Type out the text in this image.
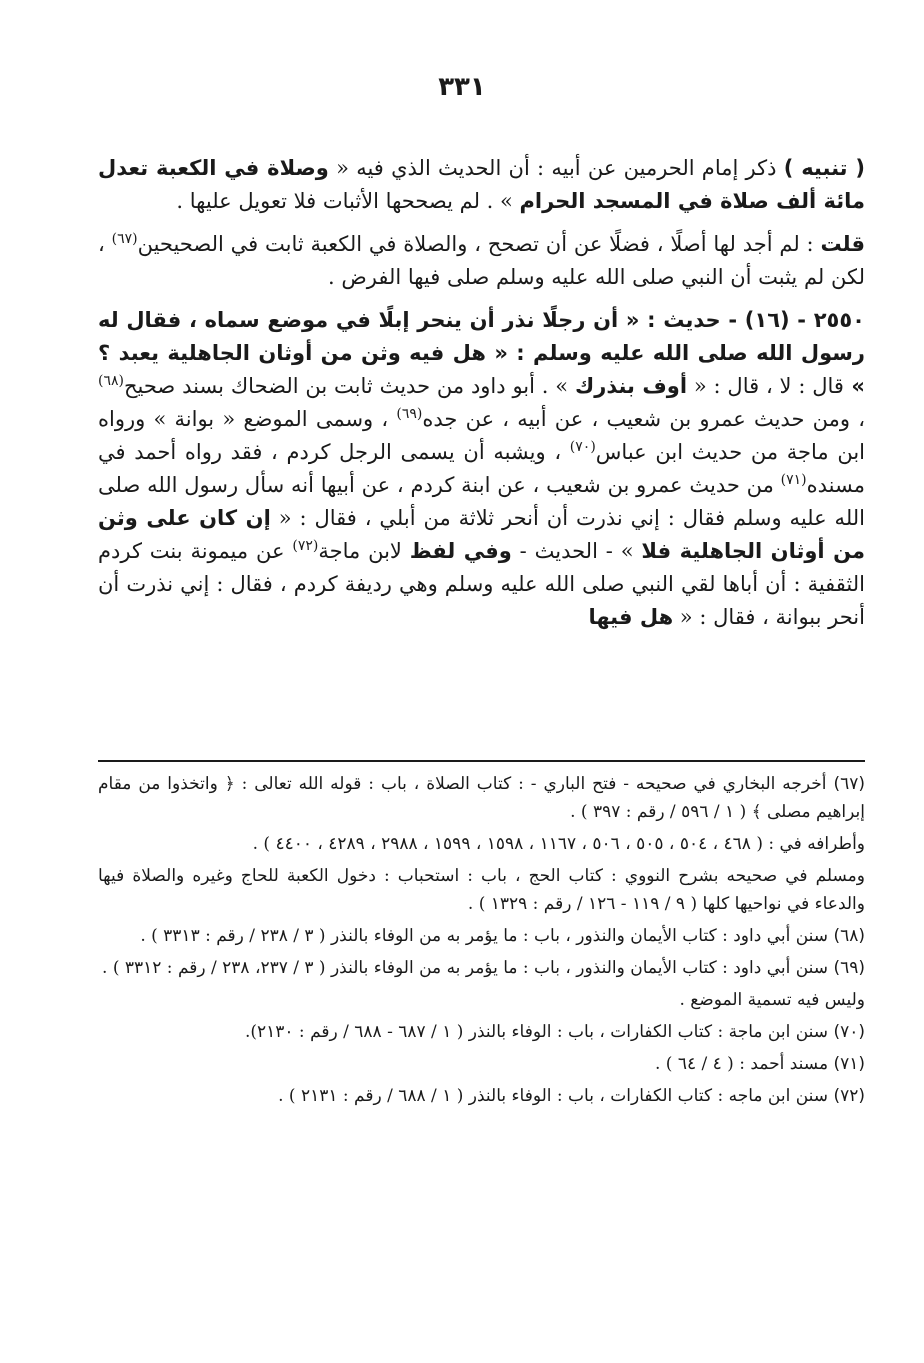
٣٣١

( تنبيه ) ذكر إمام الحرمين عن أبيه : أن الحديث الذي فيه « وصلاة في الكعبة تعدل مائة ألف صلاة في المسجد الحرام » . لم يصححها الأثبات فلا تعويل عليها .

قلت : لم أجد لها أصلًا ، فضلًا عن أن تصحح ، والصلاة في الكعبة ثابت في الصحيحين$^{(٦٧)}$ ، لكن لم يثبت أن النبي صلى الله عليه وسلم صلى فيها الفرض .

٢٥٥٠ - (١٦) - حديث : « أن رجلًا نذر أن ينحر إبلًا في موضع سماه ، فقال له رسول الله صلى الله عليه وسلم : « هل فيه وثن من أوثان الجاهلية يعبد ؟ » قال : لا ، قال : « أوف بنذرك » . أبو داود من حديث ثابت بن الضحاك بسند صحيح$^{(٦٨)}$ ، ومن حديث عمرو بن شعيب ، عن أبيه ، عن جده$^{(٦٩)}$ ، وسمى الموضع « بوانة » ورواه ابن ماجة من حديث ابن عباس$^{(٧٠)}$ ، ويشبه أن يسمى الرجل كردم ، فقد رواه أحمد في مسنده$^{(٧١)}$ من حديث عمرو بن شعيب ، عن ابنة كردم ، عن أبيها أنه سأل رسول الله صلى الله عليه وسلم فقال : إني نذرت أن أنحر ثلاثة من أبلي ، فقال : « إن كان على وثن من أوثان الجاهلية فلا » - الحديث - وفي لفظ لابن ماجة$^{(٧٢)}$ عن ميمونة بنت كردم الثقفية : أن أباها لقي النبي صلى الله عليه وسلم وهي رديفة كردم ، فقال : إني نذرت أن أنحر ببوانة ، فقال : « هل فيها

(٦٧) أخرجه البخاري في صحيحه - فتح الباري - : كتاب الصلاة ، باب : قوله الله تعالى : ﴿ واتخذوا من مقام إبراهيم مصلى ﴾ ( ١ / ٥٩٦ / رقم : ٣٩٧ ) .

وأطرافه في : ( ٤٦٨ ، ٥٠٤ ، ٥٠٥ ، ٥٠٦ ، ١١٦٧ ، ١٥٩٨ ، ١٥٩٩ ، ٢٩٨٨ ، ٤٢٨٩ ، ٤٤٠٠ ) .

ومسلم في صحيحه بشرح النووي : كتاب الحج ، باب : استحباب : دخول الكعبة للحاج وغيره والصلاة فيها والدعاء في نواحيها كلها ( ٩ / ١١٩ - ١٢٦ / رقم : ١٣٢٩ ) .

(٦٨) سنن أبي داود : كتاب الأيمان والنذور ، باب : ما يؤمر به من الوفاء بالنذر ( ٣ / ٢٣٨ / رقم : ٣٣١٣ ) .

(٦٩) سنن أبي داود : كتاب الأيمان والنذور ، باب : ما يؤمر به من الوفاء بالنذر ( ٣ / ٢٣٧، ٢٣٨ / رقم : ٣٣١٢ ) .

وليس فيه تسمية الموضع .

(٧٠) سنن ابن ماجة : كتاب الكفارات ، باب : الوفاء بالنذر ( ١ / ٦٨٧ - ٦٨٨ / رقم : ٢١٣٠).

(٧١) مسند أحمد : ( ٤ / ٦٤ ) .

(٧٢) سنن ابن ماجه : كتاب الكفارات ، باب : الوفاء بالنذر ( ١ / ٦٨٨ / رقم : ٢١٣١ ) .
